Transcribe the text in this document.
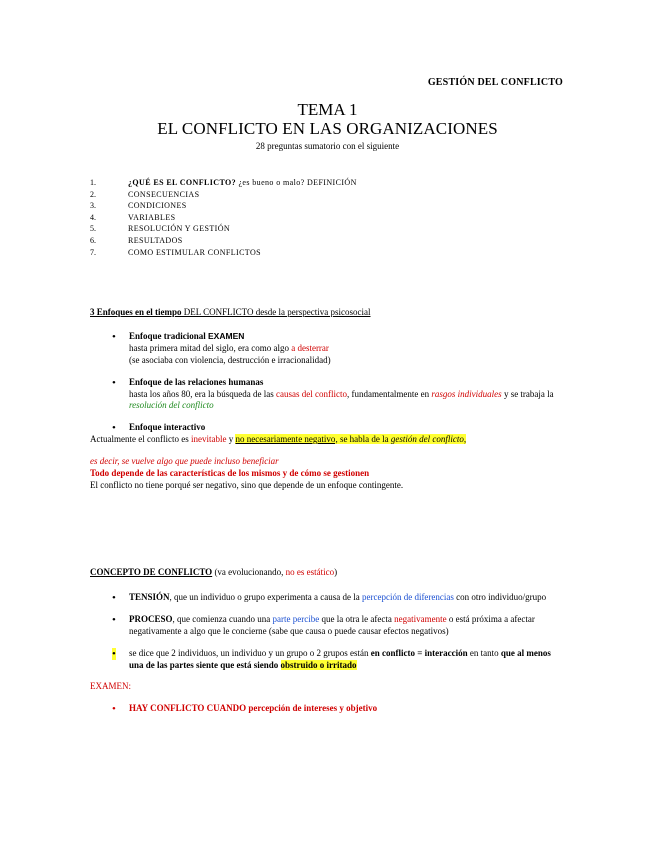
GESTIÓN DEL CONFLICTO
TEMA 1
EL CONFLICTO EN LAS ORGANIZACIONES
28 preguntas sumatorio con el siguiente
1.	¿QUÉ ES EL CONFLICTO? ¿es bueno o malo? DEFINICIÓN
2.	CONSECUENCIAS
3.	CONDICIONES
4.	VARIABLES
5.	RESOLUCIÓN Y GESTIÓN
6.	RESULTADOS
7.	COMO ESTIMULAR CONFLICTOS
3 Enfoques en el tiempo DEL CONFLICTO desde la perspectiva psicosocial
• Enfoque tradicional EXAMEN

hasta primera mitad del siglo, era como algo a desterrar

(se asociaba con violencia, destrucción e irracionalidad)

• Enfoque de las relaciones humanas

hasta los años 80, era la búsqueda de las causas del conflicto, fundamentalmente en rasgos individuales y se trabaja la resolución del conflicto

• Enfoque interactivo

Actualmente el conflicto es inevitable y no necesariamente negativo, se habla de la gestión del conflicto,

es decir, se vuelve algo que puede incluso beneficiar

Todo depende de las características de los mismos y de cómo se gestionen

El conflicto no tiene porqué ser negativo, sino que depende de un enfoque contingente.

CONCEPTO DE CONFLICTO (va evolucionando, no es estático)
• TENSIÓN, que un individuo o grupo experimenta a causa de la percepción de diferencias con otro individuo/grupo

• PROCESO, que comienza cuando una parte percibe que la otra le afecta negativamente o está próxima a afectar negativamente a algo que le concierne (sabe que causa o puede causar efectos negativos)

• se dice que 2 individuos, un individuo y un grupo o 2 grupos están en conflicto = interacción en tanto que al menos una de las partes siente que está siendo obstruido o irritado

EXAMEN:

• HAY CONFLICTO CUANDO percepción de intereses y objetivo
